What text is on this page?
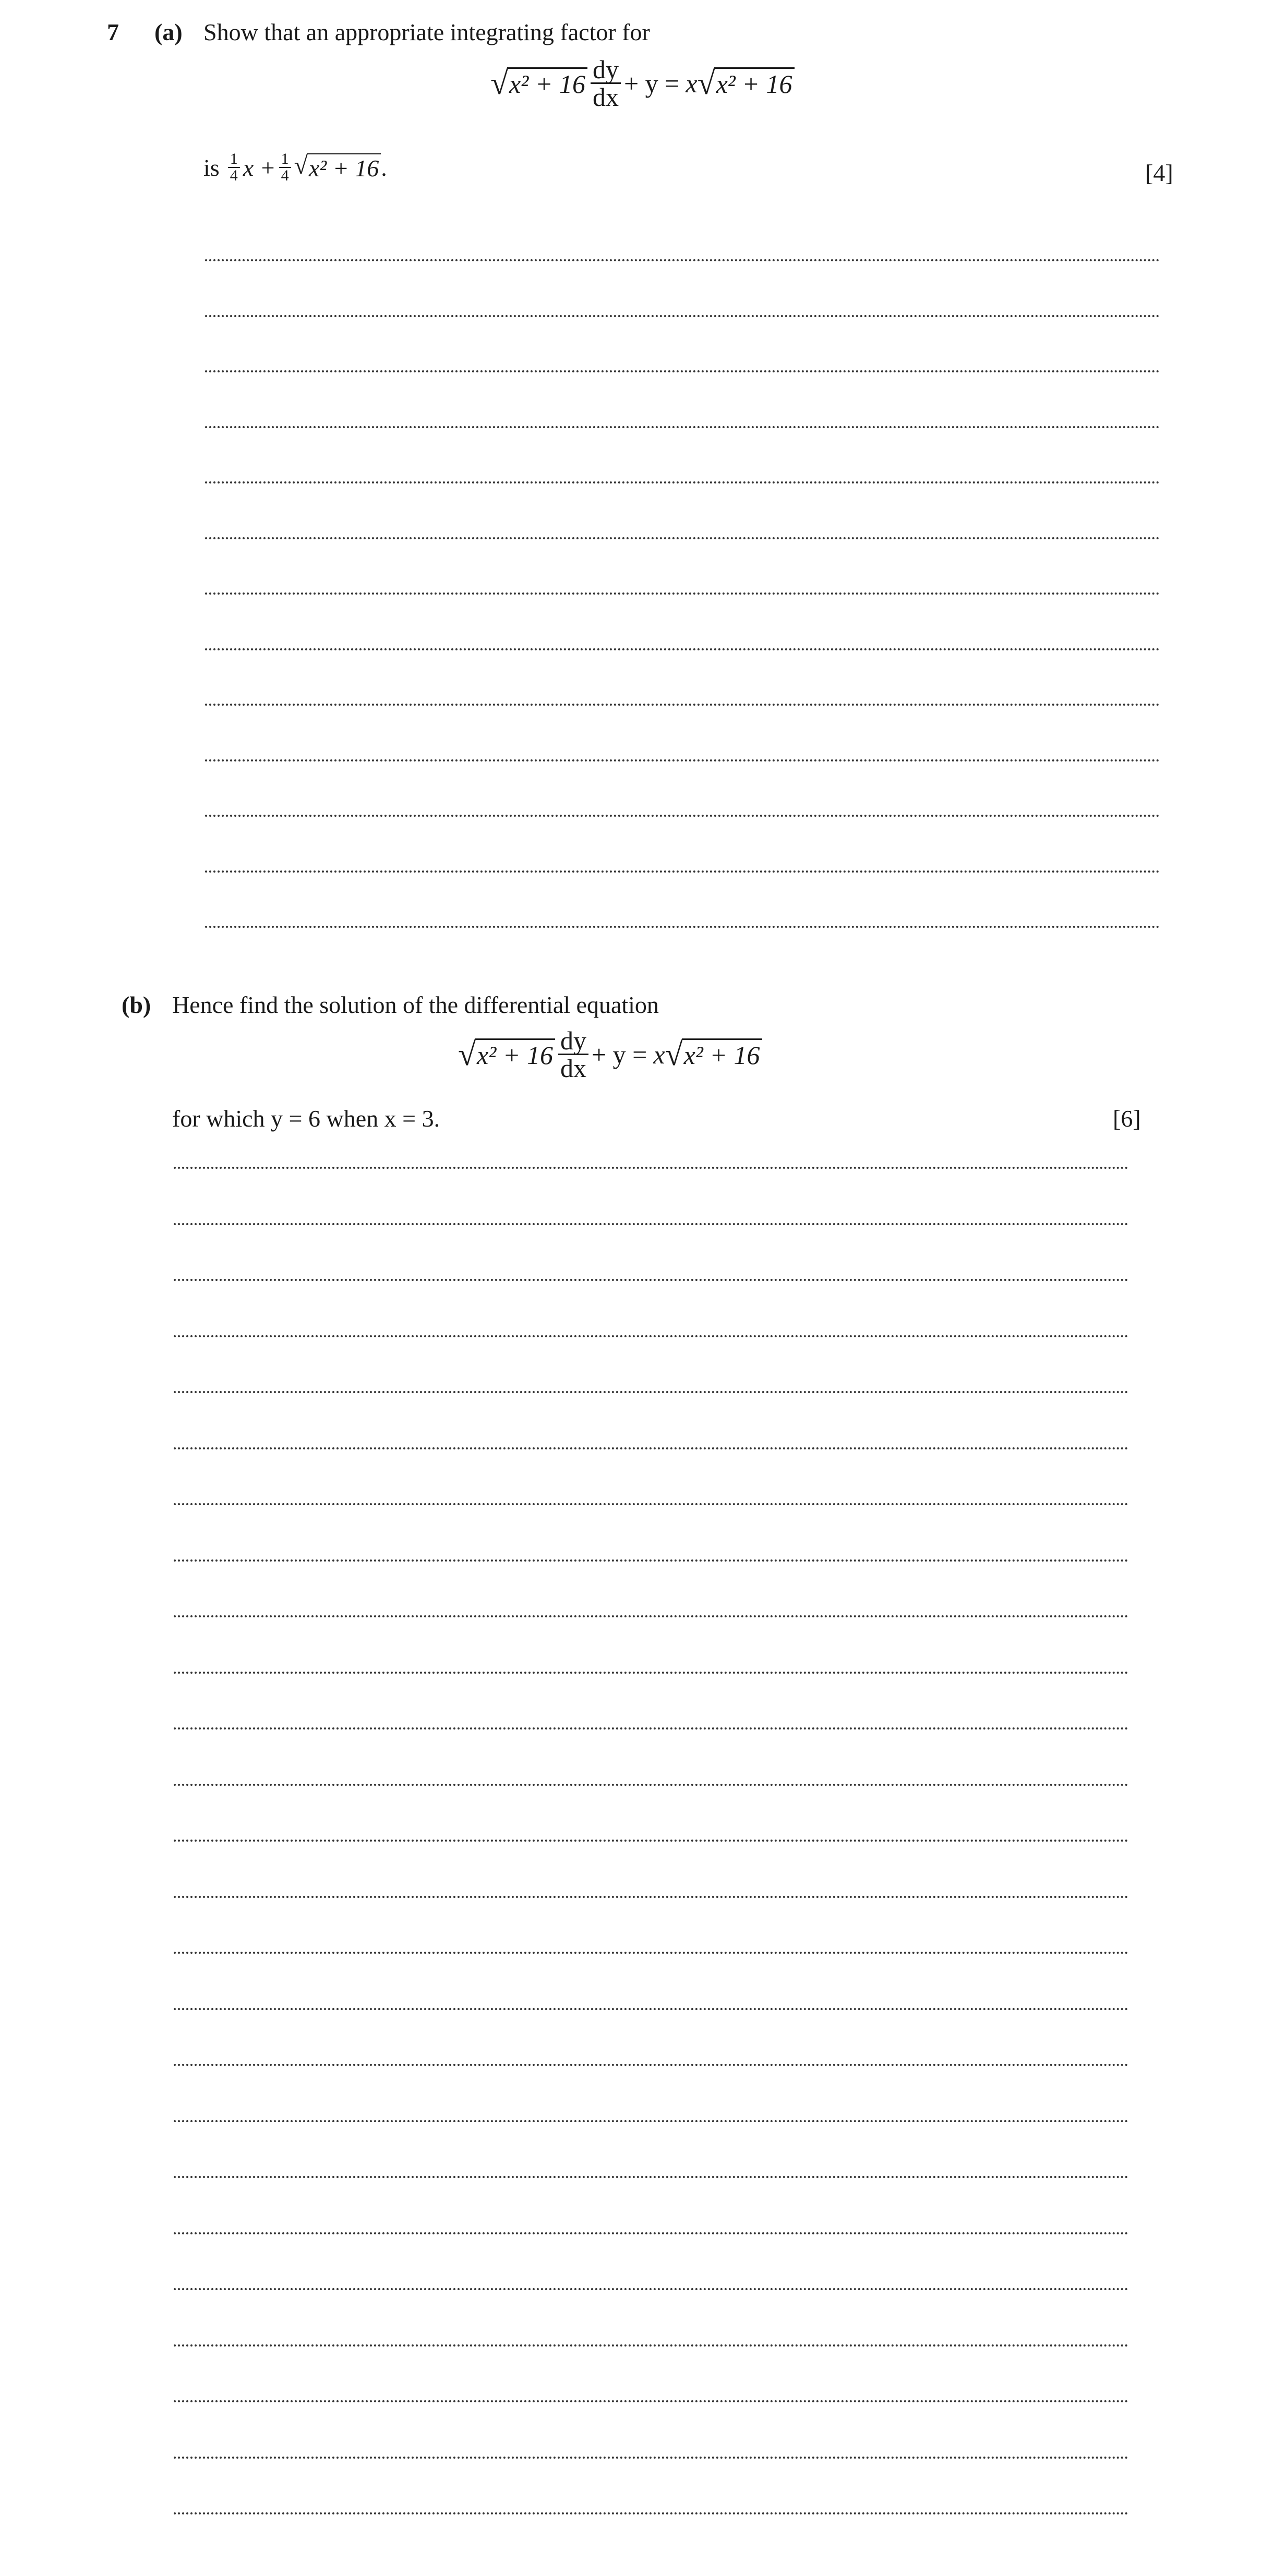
7 (a) Show that an appropriate integrating factor for
√ $x^2 + 16 \frac{dy}{dx} + y = x$ √ x² + 16
is $\frac{1}{4}$ $x + \frac{1}{4}$ √ x² + 16 .	[4]
(b) Hence find the solution of the differential equation
√ $x^2 + 16 \frac{dy}{dx} + y = x$ √ x² + 16
for which y = 6 when x = 3.	[6]
